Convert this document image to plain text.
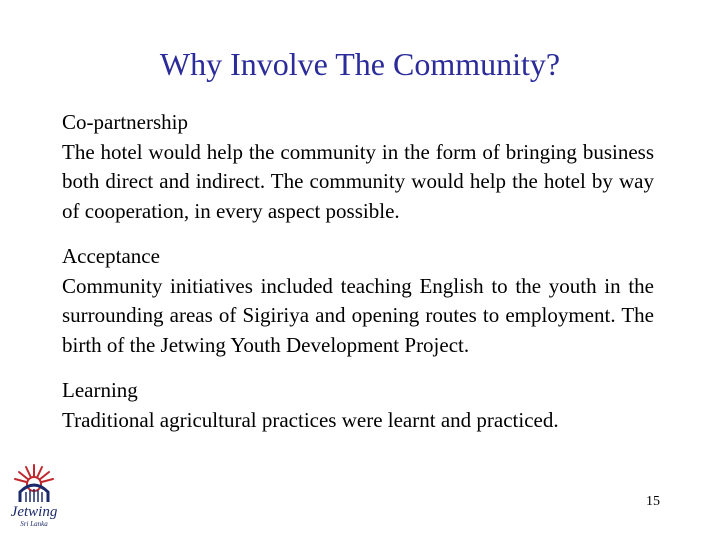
Why Involve The Community?
Co-partnership
The hotel would help the community in the form of bringing business both direct and indirect. The community would help the hotel by way of cooperation, in every aspect possible.
Acceptance
Community initiatives included teaching English to the youth in the surrounding areas of Sigiriya and opening routes to employment. The birth of the Jetwing Youth Development Project.
Learning
Traditional agricultural practices were learnt and practiced.
Jetwing
Sri Lanka
15
